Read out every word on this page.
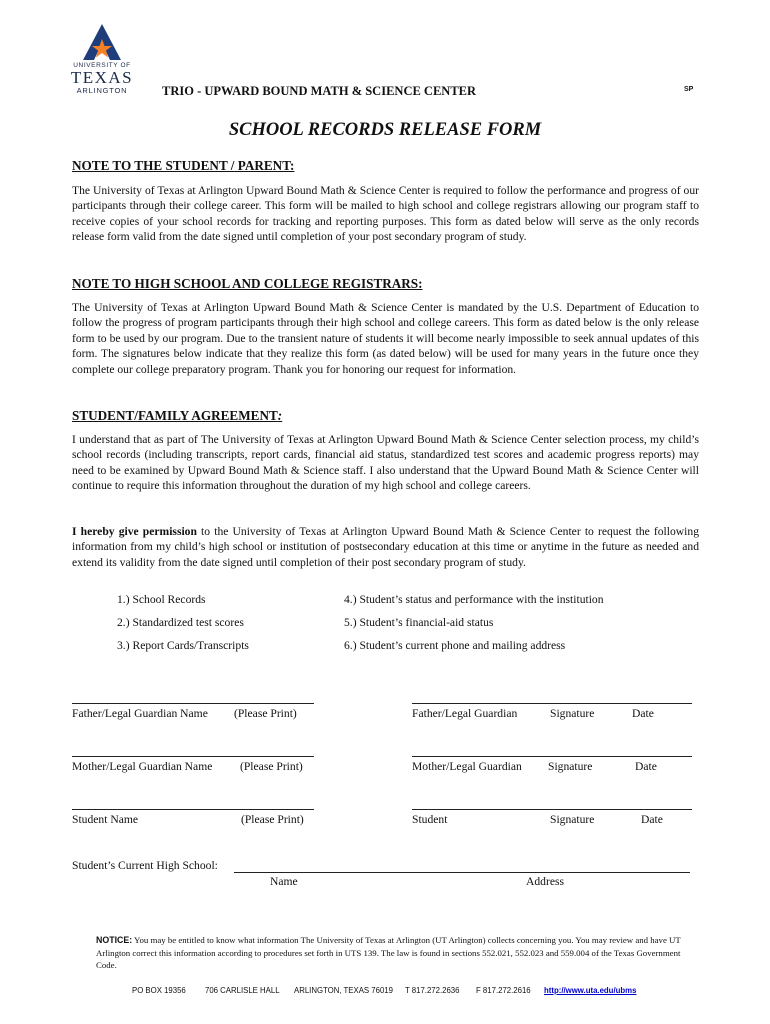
UNIVERSITY OF
TEXAS
ARLINGTON	TRIO - UPWARD BOUND MATH & SCIENCE CENTER	SP
SCHOOL RECORDS RELEASE FORM
NOTE TO THE STUDENT / PARENT:
The University of Texas at Arlington Upward Bound Math & Science Center is required to follow the performance and progress of our participants through their college career. This form will be mailed to high school and college registrars allowing our program staff to receive copies of your school records for tracking and reporting purposes. This form as dated below will serve as the only records release form valid from the date signed until completion of your post secondary program of study.
NOTE TO HIGH SCHOOL AND COLLEGE REGISTRARS:
The University of Texas at Arlington Upward Bound Math & Science Center is mandated by the U.S. Department of Education to follow the progress of program participants through their high school and college careers. This form as dated below is the only release form to be used by our program. Due to the transient nature of students it will become nearly impossible to seek annual updates of this form. The signatures below indicate that they realize this form (as dated below) will be used for many years in the future once they complete our college preparatory program. Thank you for honoring our request for information.
STUDENT/FAMILY AGREEMENT:
I understand that as part of The University of Texas at Arlington Upward Bound Math & Science Center selection process, my child’s school records (including transcripts, report cards, financial aid status, standardized test scores and academic progress reports) may need to be examined by Upward Bound Math & Science staff. I also understand that the Upward Bound Math & Science Center will continue to require this information throughout the duration of my high school and college careers.
I hereby give permission to the University of Texas at Arlington Upward Bound Math & Science Center to request the following information from my child’s high school or institution of postsecondary education at this time or anytime in the future as needed and extend its validity from the date signed until completion of their post secondary program of study.
1.) School Records
2.) Standardized test scores
3.) Report Cards/Transcripts
4.) Student’s status and performance with the institution
5.) Student’s financial-aid status
6.) Student’s current phone and mailing address
Father/Legal Guardian Name (Please Print)	Father/Legal Guardian	Signature	Date
Mother/Legal Guardian Name (Please Print)	Mother/Legal Guardian Signature	Date
Student Name	(Please Print)	Student	Signature	Date
Student’s Current High School:
Name	Address
NOTICE: You may be entitled to know what information The University of Texas at Arlington (UT Arlington) collects concerning you. You may review and have UT Arlington correct this information according to procedures set forth in UTS 139. The law is found in sections 552.021, 552.023 and 559.004 of the Texas Government Code.
PO BOX 19356 706 CARLISLE HALL ARLINGTON, TEXAS 76019 T 817.272.2636 F 817.272.2616 http://www.uta.edu/ubms
